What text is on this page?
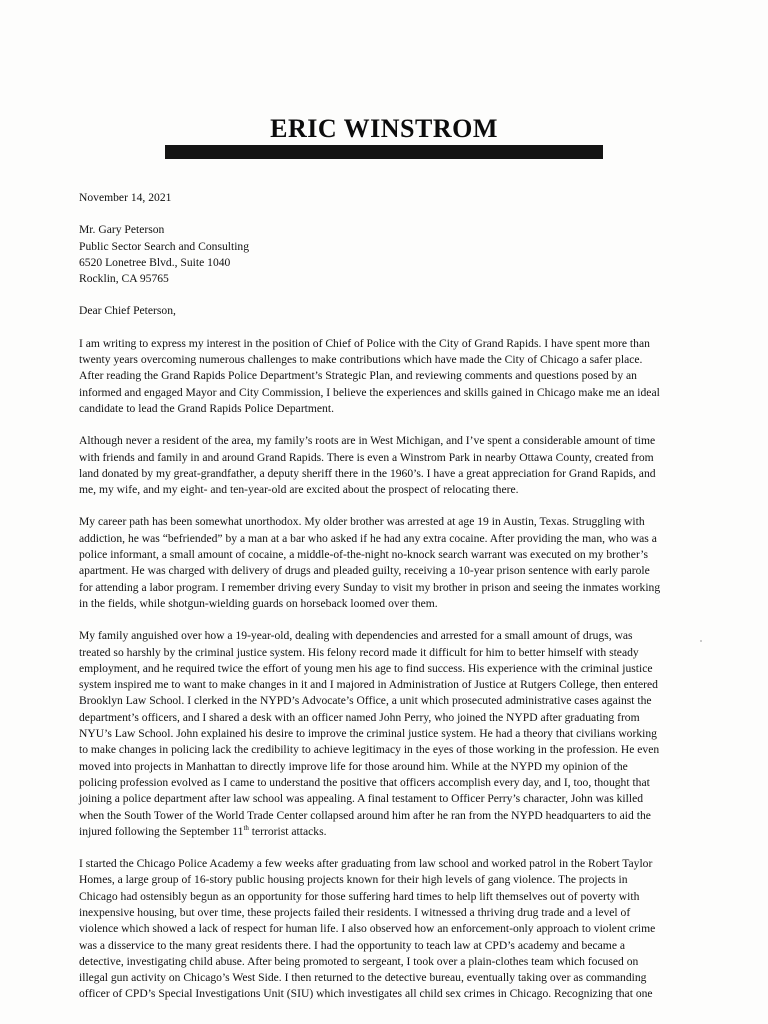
ERIC WINSTROM
November 14, 2021
Mr. Gary Peterson
Public Sector Search and Consulting
6520 Lonetree Blvd., Suite 1040
Rocklin, CA 95765
Dear Chief Peterson,
I am writing to express my interest in the position of Chief of Police with the City of Grand Rapids. I have spent more than
twenty years overcoming numerous challenges to make contributions which have made the City of Chicago a safer place.
After reading the Grand Rapids Police Department’s Strategic Plan, and reviewing comments and questions posed by an
informed and engaged Mayor and City Commission, I believe the experiences and skills gained in Chicago make me an ideal
candidate to lead the Grand Rapids Police Department.
Although never a resident of the area, my family’s roots are in West Michigan, and I’ve spent a considerable amount of time
with friends and family in and around Grand Rapids. There is even a Winstrom Park in nearby Ottawa County, created from
land donated by my great-grandfather, a deputy sheriff there in the 1960’s. I have a great appreciation for Grand Rapids, and
me, my wife, and my eight- and ten-year-old are excited about the prospect of relocating there.
My career path has been somewhat unorthodox. My older brother was arrested at age 19 in Austin, Texas. Struggling with
addiction, he was “befriended” by a man at a bar who asked if he had any extra cocaine. After providing the man, who was a
police informant, a small amount of cocaine, a middle-of-the-night no-knock search warrant was executed on my brother’s
apartment. He was charged with delivery of drugs and pleaded guilty, receiving a 10-year prison sentence with early parole
for attending a labor program. I remember driving every Sunday to visit my brother in prison and seeing the inmates working
in the fields, while shotgun-wielding guards on horseback loomed over them.
My family anguished over how a 19-year-old, dealing with dependencies and arrested for a small amount of drugs, was
treated so harshly by the criminal justice system. His felony record made it difficult for him to better himself with steady
employment, and he required twice the effort of young men his age to find success. His experience with the criminal justice
system inspired me to want to make changes in it and I majored in Administration of Justice at Rutgers College, then entered
Brooklyn Law School. I clerked in the NYPD’s Advocate’s Office, a unit which prosecuted administrative cases against the
department’s officers, and I shared a desk with an officer named John Perry, who joined the NYPD after graduating from
NYU’s Law School. John explained his desire to improve the criminal justice system. He had a theory that civilians working
to make changes in policing lack the credibility to achieve legitimacy in the eyes of those working in the profession. He even
moved into projects in Manhattan to directly improve life for those around him. While at the NYPD my opinion of the
policing profession evolved as I came to understand the positive that officers accomplish every day, and I, too, thought that
joining a police department after law school was appealing. A final testament to Officer Perry’s character, John was killed
when the South Tower of the World Trade Center collapsed around him after he ran from the NYPD headquarters to aid the
injured following the September 11th terrorist attacks.
I started the Chicago Police Academy a few weeks after graduating from law school and worked patrol in the Robert Taylor
Homes, a large group of 16-story public housing projects known for their high levels of gang violence. The projects in
Chicago had ostensibly begun as an opportunity for those suffering hard times to help lift themselves out of poverty with
inexpensive housing, but over time, these projects failed their residents. I witnessed a thriving drug trade and a level of
violence which showed a lack of respect for human life. I also observed how an enforcement-only approach to violent crime
was a disservice to the many great residents there. I had the opportunity to teach law at CPD’s academy and became a
detective, investigating child abuse. After being promoted to sergeant, I took over a plain-clothes team which focused on
illegal gun activity on Chicago’s West Side. I then returned to the detective bureau, eventually taking over as commanding
officer of CPD’s Special Investigations Unit (SIU) which investigates all child sex crimes in Chicago. Recognizing that one
